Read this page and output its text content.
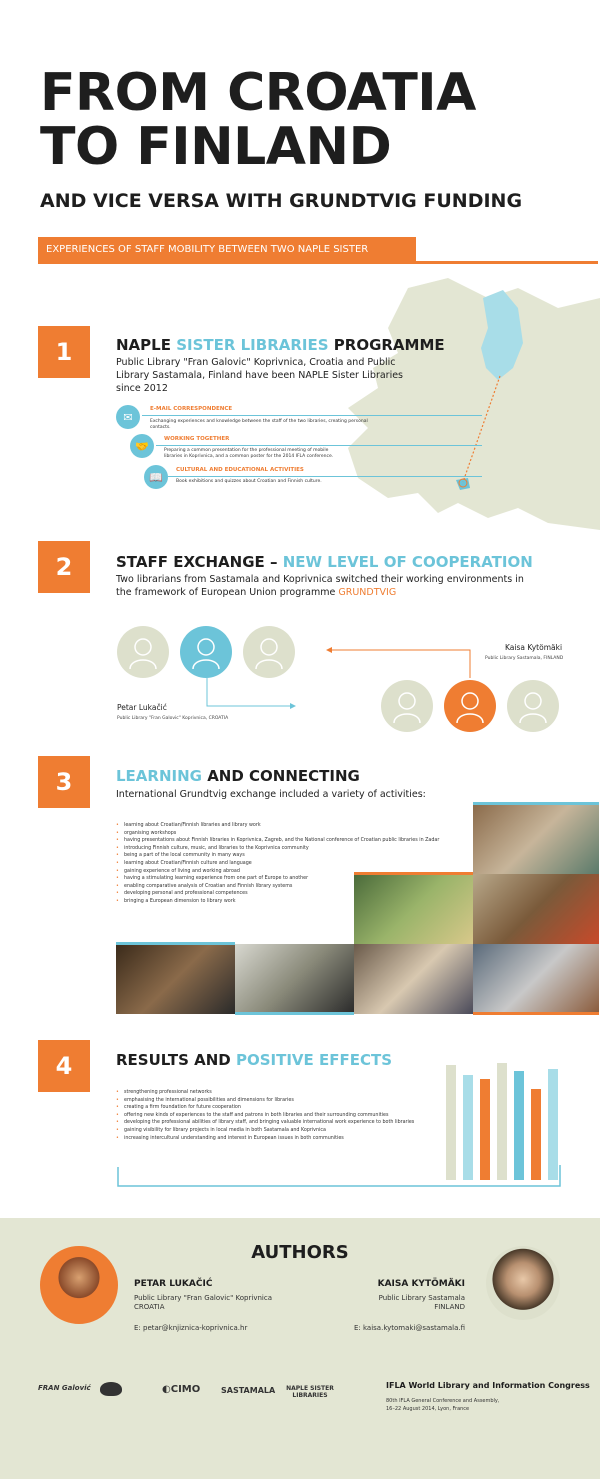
FROM CROATIA
TO FINLAND
AND VICE VERSA WITH GRUNDTVIG FUNDING
EXPERIENCES OF STAFF MOBILITY BETWEEN TWO NAPLE SISTER LIBRARIES
1	NAPLE SISTER LIBRARIES PROGRAMME
Public Library "Fran Galovic" Koprivnica, Croatia and Public Library Sastamala, Finland have been NAPLE Sister Libraries since 2012
✉
E-MAIL CORRESPONDENCE
Exchanging experiences and knowledge between the staff of the two libraries, creating personal contacts.
🤝
WORKING TOGETHER
Preparing a common presentation for the professional meeting of mobile libraries in Koprivnica, and a common poster for the 2014 IFLA conference.
📖
CULTURAL AND EDUCATIONAL ACTIVITIES
Book exhibitions and quizzes about Croatian and Finnish culture.
2	STAFF EXCHANGE – NEW LEVEL OF COOPERATION
Two librarians from Sastamala and Koprivnica switched their working environments in the framework of European Union programme GRUNDTVIG
Kaisa Kytömäki
Public Library Sastamala, FINLAND
Petar Lukačić
Public Library "Fran Galovic" Koprivnica, CROATIA
3	LEARNING AND CONNECTING
International Grundtvig exchange included a variety of activities:
• learning about Croatian/Finnish libraries and library work
• organising workshops
• having presentations about Finnish libraries in Koprivnica, Zagreb, and the National conference of Croatian public libraries in Zadar
• introducing Finnish culture, music, and libraries to the Koprivnica community
• being a part of the local community in many ways
• learning about Croatian/Finnish culture and language
• gaining experience of living and working abroad
• having a stimulating learning experience from one part of Europe to another
• enabling comparative analysis of Croatian and Finnish library systems
• developing personal and professional competences
• bringing a European dimension to library work
4	RESULTS AND POSITIVE EFFECTS
• strengthening professional networks
• emphasising the international possibilities and dimensions for libraries
• creating a firm foundation for future cooperation
• offering new kinds of experiences to the staff and patrons in both libraries and their surrounding communities
• developing the professional abilities of library staff, and bringing valuable international work experience to both libraries
• gaining visibility for library projects in local media in both Sastamala and Koprivnica
• increasing intercultural understanding and interest in European issues in both communities
AUTHORS
PETAR LUKAČIĆ
Public Library "Fran Galovic" Koprivnica
CROATIA
E: petar@knjiznica-koprivnica.hr
KAISA KYTÖMÄKI
Public Library Sastamala
FINLAND
E: kaisa.kytomaki@sastamala.fi
FRAN Galović	◐CIMO	SASTAMALA	NAPLE SISTER LIBRARIES
IFLA World Library and Information Congress
80th IFLA General Conference and Assembly,
16–22 August 2014, Lyon, France
